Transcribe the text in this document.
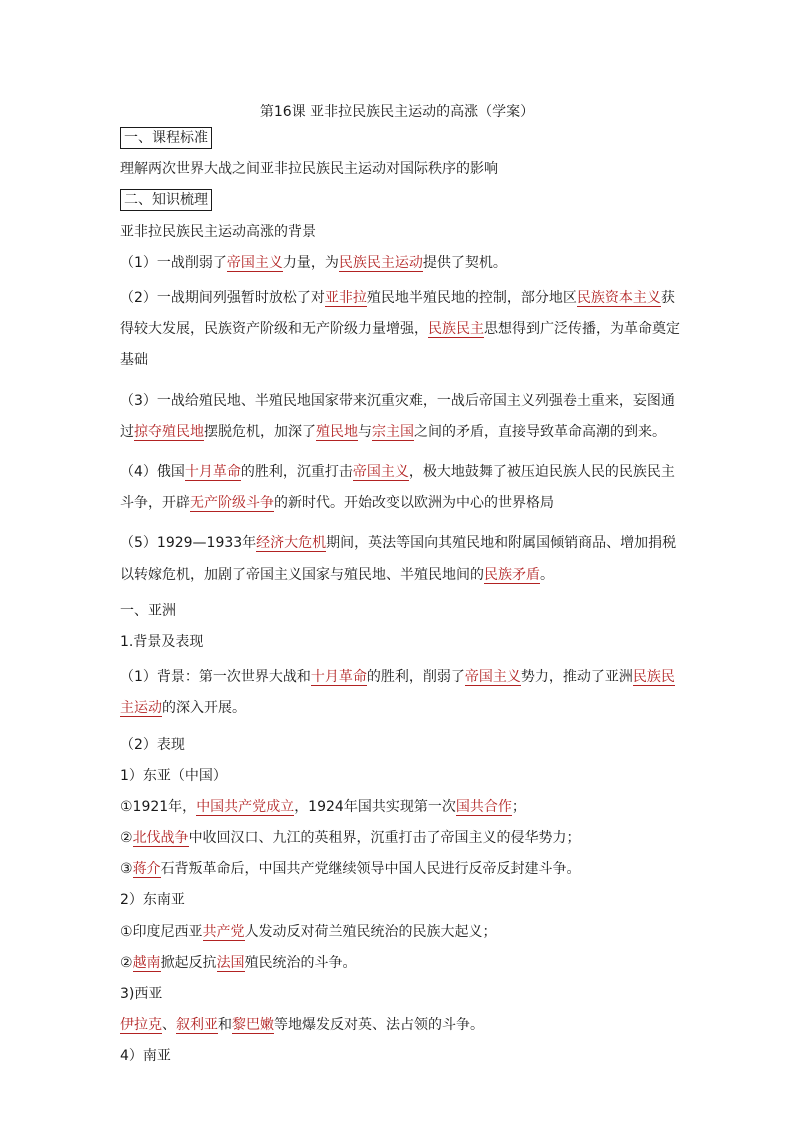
第16课 亚非拉民族民主运动的高涨（学案）
一、课程标准
理解两次世界大战之间亚非拉民族民主运动对国际秩序的影响
二、知识梳理
亚非拉民族民主运动高涨的背景
（1）一战削弱了帝国主义力量，为民族民主运动提供了契机。
（2）一战期间列强暂时放松了对亚非拉殖民地半殖民地的控制，部分地区民族资本主义获得较大发展，民族资产阶级和无产阶级力量增强，民族民主思想得到广泛传播，为革命奠定基础
（3）一战给殖民地、半殖民地国家带来沉重灾难，一战后帝国主义列强卷土重来，妄图通过掠夺殖民地摆脱危机，加深了殖民地与宗主国之间的矛盾，直接导致革命高潮的到来。
（4）俄国十月革命的胜利，沉重打击帝国主义，极大地鼓舞了被压迫民族人民的民族民主斗争，开辟无产阶级斗争的新时代。开始改变以欧洲为中心的世界格局
（5）1929—1933年经济大危机期间，英法等国向其殖民地和附属国倾销商品、增加捐税以转嫁危机，加剧了帝国主义国家与殖民地、半殖民地间的民族矛盾。
一、亚洲
1.背景及表现
（1）背景：第一次世界大战和十月革命的胜利，削弱了帝国主义势力，推动了亚洲民族民主运动的深入开展。
（2）表现
1）东亚（中国）
①1921年，中国共产党成立，1924年国共实现第一次国共合作；
②北伐战争中收回汉口、九江的英租界，沉重打击了帝国主义的侵华势力；
③蒋介石背叛革命后，中国共产党继续领导中国人民进行反帝反封建斗争。
2）东南亚
①印度尼西亚共产党人发动反对荷兰殖民统治的民族大起义；
②越南掀起反抗法国殖民统治的斗争。
3)西亚
伊拉克、叙利亚和黎巴嫩等地爆发反对英、法占领的斗争。
4）南亚
